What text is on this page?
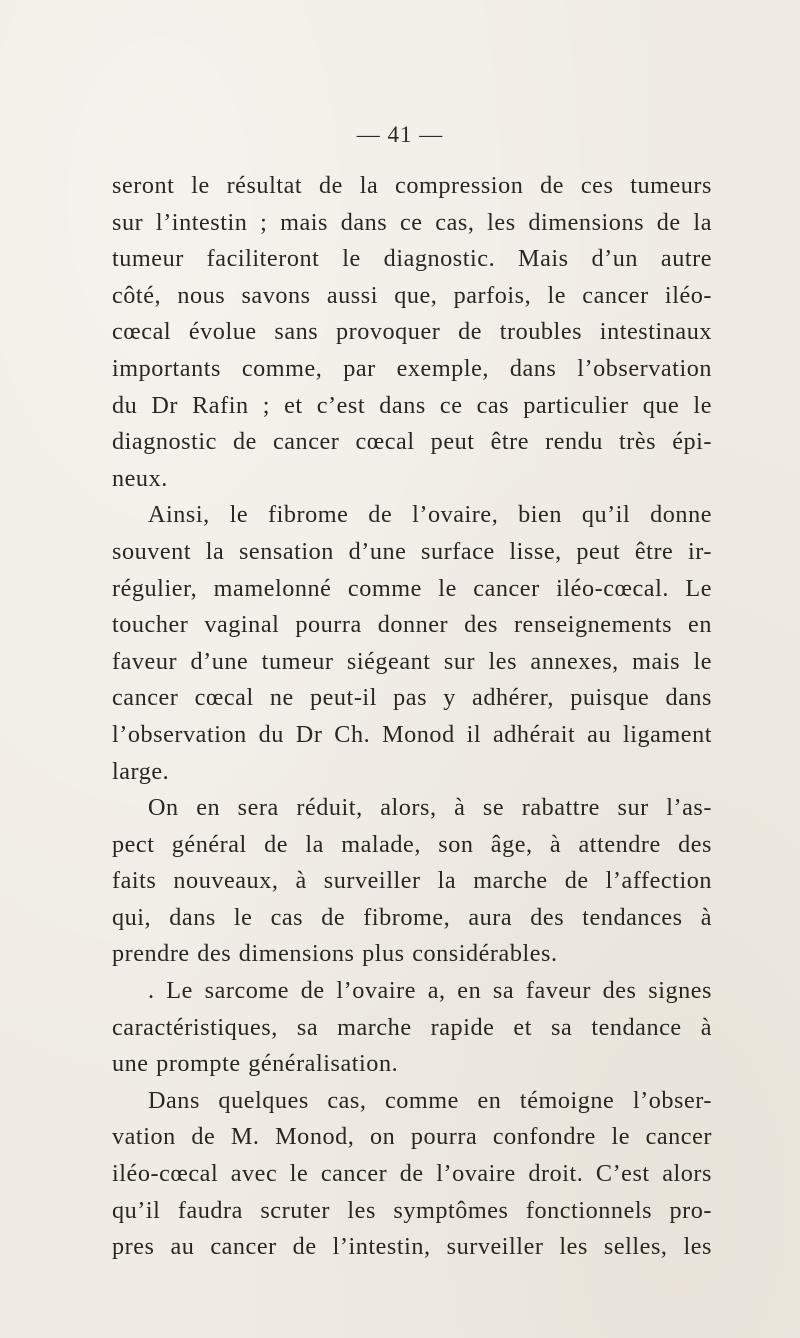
— 41 —
seront le résultat de la compression de ces tumeurs
sur l’intestin ; mais dans ce cas, les dimensions de la
tumeur faciliteront le diagnostic. Mais d’un autre
côté, nous savons aussi que, parfois, le cancer iléo-
cœcal évolue sans provoquer de troubles intestinaux
importants comme, par exemple, dans l’observation
du Dr Rafin ; et c’est dans ce cas particulier que le
diagnostic de cancer cœcal peut être rendu très épi-
neux.
Ainsi, le fibrome de l’ovaire, bien qu’il donne
souvent la sensation d’une surface lisse, peut être ir-
régulier, mamelonné comme le cancer iléo-cœcal. Le
toucher vaginal pourra donner des renseignements en
faveur d’une tumeur siégeant sur les annexes, mais le
cancer cœcal ne peut-il pas y adhérer, puisque dans
l’observation du Dr Ch. Monod il adhérait au ligament
large.
On en sera réduit, alors, à se rabattre sur l’as-
pect général de la malade, son âge, à attendre des
faits nouveaux, à surveiller la marche de l’affection
qui, dans le cas de fibrome, aura des tendances à
prendre des dimensions plus considérables.
. Le sarcome de l’ovaire a, en sa faveur des signes
caractéristiques, sa marche rapide et sa tendance à
une prompte généralisation.
Dans quelques cas, comme en témoigne l’obser-
vation de M. Monod, on pourra confondre le cancer
iléo-cœcal avec le cancer de l’ovaire droit. C’est alors
qu’il faudra scruter les symptômes fonctionnels pro-
pres au cancer de l’intestin, surveiller les selles, les
